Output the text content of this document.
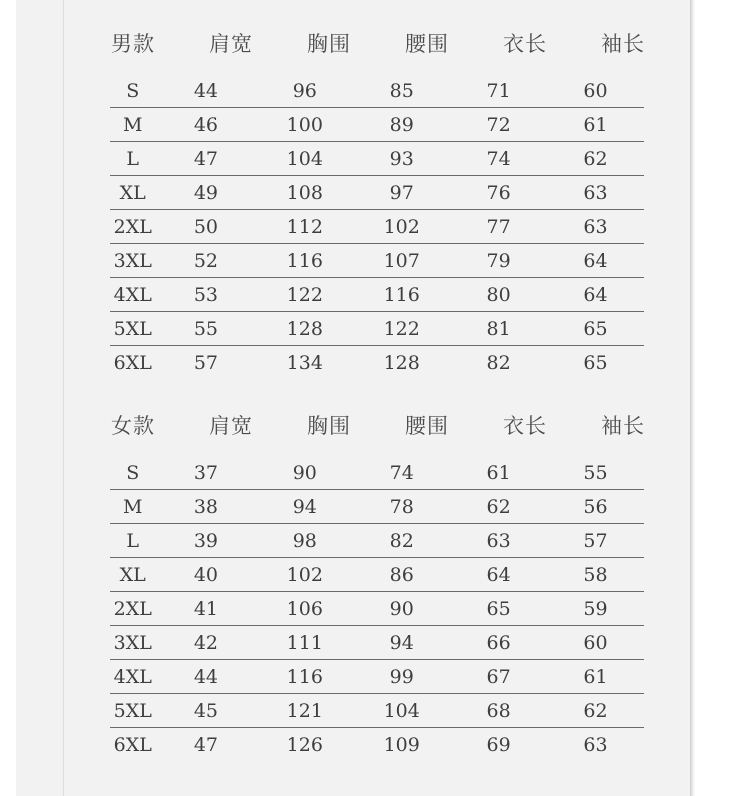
男款	肩宽	胸围	腰围	衣长	袖长
S	44	96	85	71	60
M	46	100	89	72	61
L	47	104	93	74	62
XL	49	108	97	76	63
2XL	50	112	102	77	63
3XL	52	116	107	79	64
4XL	53	122	116	80	64
5XL	55	128	122	81	65
6XL	57	134	128	82	65
女款	肩宽	胸围	腰围	衣长	袖长
S	37	90	74	61	55
M	38	94	78	62	56
L	39	98	82	63	57
XL	40	102	86	64	58
2XL	41	106	90	65	59
3XL	42	111	94	66	60
4XL	44	116	99	67	61
5XL	45	121	104	68	62
6XL	47	126	109	69	63
